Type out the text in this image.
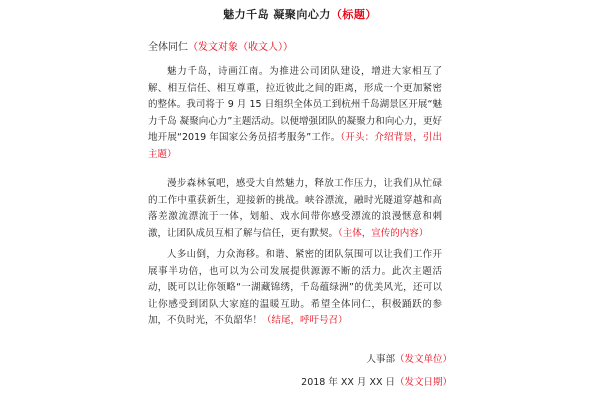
魅力千岛 凝聚向心力（标题）
全体同仁（发文对象（收文人））

魅力千岛，诗画江南。为推进公司团队建设，增进大家相互了解、相互信任、相互尊重，拉近彼此之间的距离，形成一个更加紧密的整体。我司将于 9 月 15 日组织全体员工到杭州千岛湖景区开展“魅力千岛 凝聚向心力”主题活动。以便增强团队的凝聚力和向心力，更好地开展“2019 年国家公务员招考服务”工作。（开头：介绍背景，引出主题）

漫步森林氧吧，感受大自然魅力，释放工作压力，让我们从忙碌的工作中重获新生，迎接新的挑战。峡谷漂流，融时光隧道穿越和高落差激流漂流于一体，划船、戏水间带你感受漂流的浪漫惬意和刺激，让团队成员互相了解与信任，更有默契。（主体，宣传的内容）

人多山倒，力众海移。和谐、紧密的团队氛围可以让我们工作开展事半功倍，也可以为公司发展提供源源不断的活力。此次主题活动，既可以让你领略“一湖藏锦绣，千岛蕴绿洲”的优美风光，还可以让你感受到团队大家庭的温暖互助。希望全体同仁，积极踊跃的参加，不负时光，不负韶华！（结尾，呼吁号召）

人事部（发文单位）
2018 年 XX 月 XX 日（发文日期）
